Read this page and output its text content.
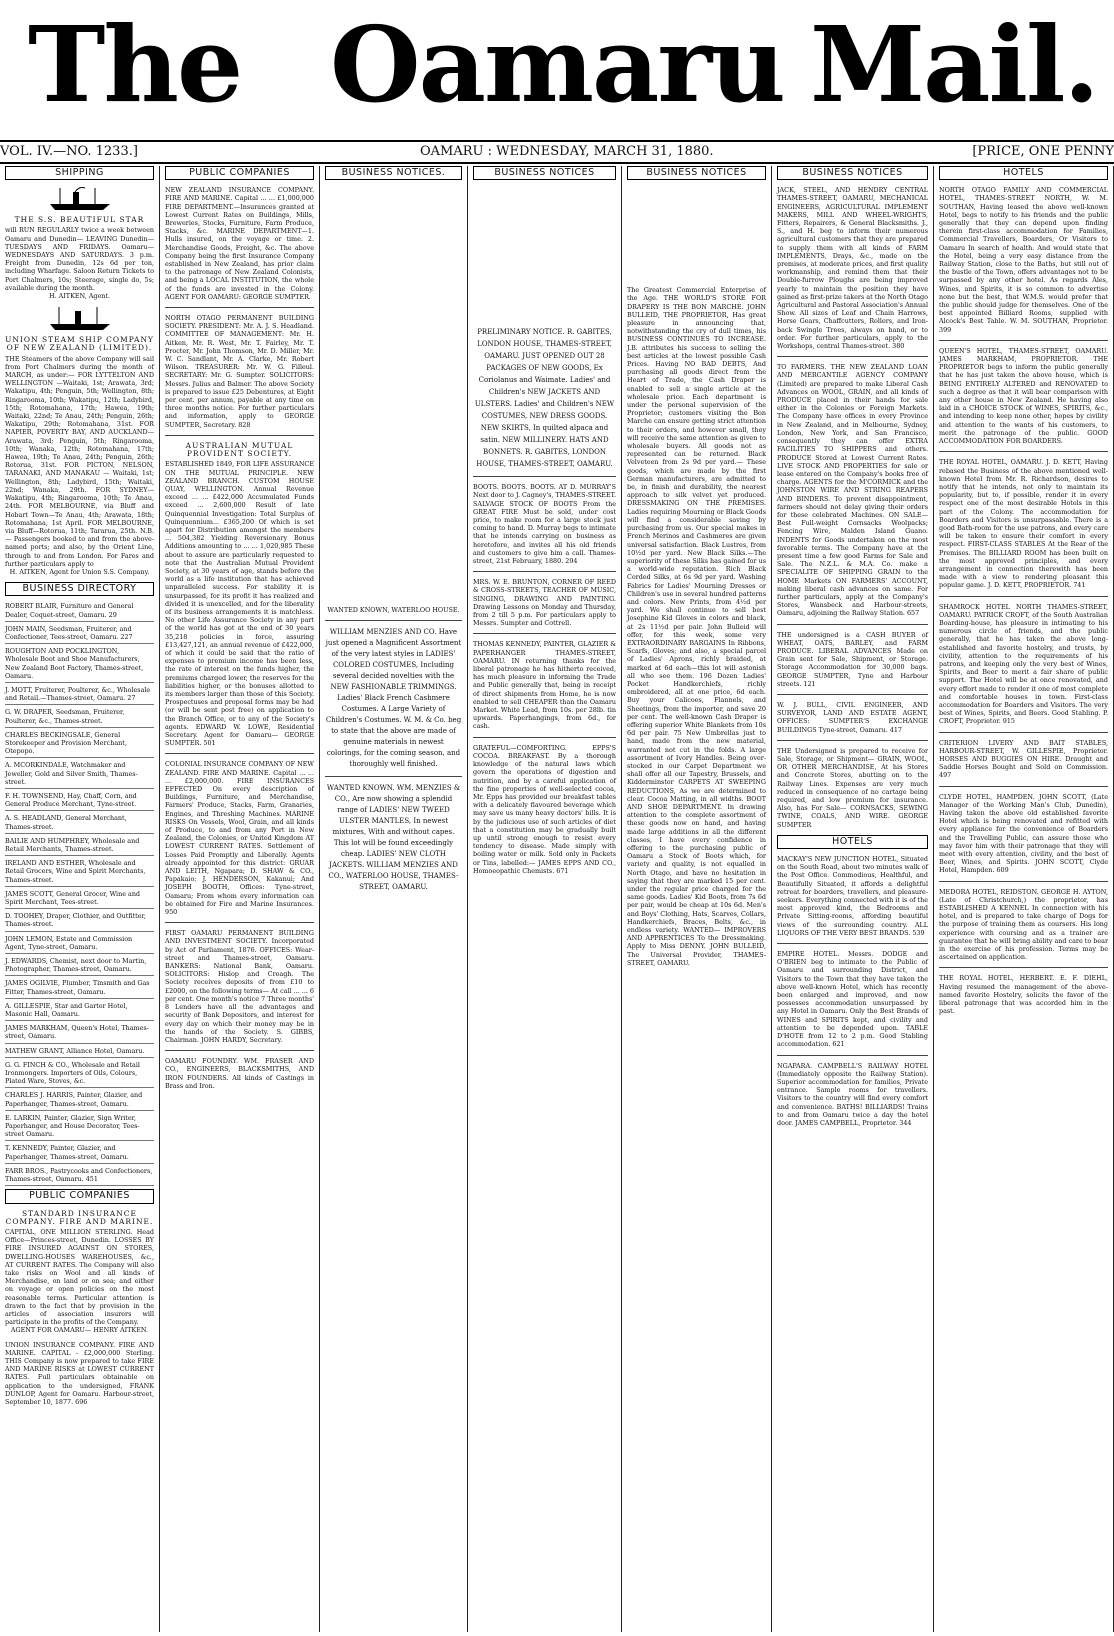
The Oamaru Mail.
VOL. IV.—NO. 1233.]	OAMARU : WEDNESDAY, MARCH 31, 1880.	[PRICE, ONE PENNY
SHIPPING
THE S.S. BEAUTIFUL STAR
will RUN REGULARLY twice a week between Oamaru and Dunedin— LEAVING Dunedin— TUESDAYS AND FRIDAYS. Oamaru— WEDNESDAYS AND SATURDAYS. 3 p.m. Freight from Dunedin, 12s 6d per ton, including Wharfage. Saloon Return Tickets to Port Chalmers, 10s; Steerage, single do, 5s; available during the month.
H. AITKEN, Agent.
UNION STEAM SHIP COMPANY OF NEW ZEALAND (LIMITED).
THE Steamers of the above Company will sail from Port Chalmers during the month of MARCH, as under:— FOR LYTTELTON AND WELLINGTON —Waitaki, 1st; Arawata, 3rd; Wakatipu, 4th; Penguin, 5th; Wellington, 8th; Ringarooma, 10th; Wakatipu, 12th; Ladybird, 15th; Rotomahana, 17th; Hawea, 19th; Waitaki, 22nd; Te Anau, 24th; Penguin, 26th; Wakatipu, 29th; Rotomahana, 31st. FOR NAPIER, POVERTY BAY, AND AUCKLAND—Arawata, 3rd; Penguin, 5th; Ringarooma, 10th; Wanaka, 12th; Rotomahana, 17th; Hawea, 19th; Te Anau, 24th; Penguin, 26th; Rotorua, 31st. FOR PICTON, NELSON, TARANAKI, AND MANAKAU — Waitaki, 1st; Wellington, 8th; Ladybird, 15th; Waitaki, 22nd; Wanaka, 29th. FOR SYDNEY—Wakatipu, 4th; Ringarooma, 10th; Te Anau, 24th. FOR MELBOURNE, via Bluff and Hobart Town—Te Anau, 4th; Arawata, 18th; Rotomahana, 1st April. FOR MELBOURNE, via Bluff—Rotorua, 11th; Tararua, 25th. N.B.— Passengers booked to and from the above-named ports; and also, by the Orient Line, through to and from London. For Fares and further particulars apply to
H. AITKEN, Agent for Union S.S. Company.
BUSINESS DIRECTORY
ROBERT BLAIR, Furniture and General Dealer, Coquet-street, Oamaru. 29
JOHN MAIN, Seedsman, Fruiterer, and Confectioner, Tees-street, Oamaru. 227
ROUGHTON AND POCKLINGTON, Wholesale Boot and Shoe Manufacturers, New Zealand Boot Factory, Thames-street, Oamaru.
J. MOTT, Fruiterer, Poulterer, &c., Wholesale and Retail.—Thames-street, Oamaru. 27
G. W. DRAPER, Seedsman, Fruiterer, Poulterer, &c., Thames-street.
CHARLES BECKINGSALE, General Storekeeper and Provision Merchant, Otepopo.
A. MCORKINDALE, Watchmaker and Jeweller, Gold and Silver Smith, Thames-street.
F. H. TOWNSEND, Hay, Chaff, Corn, and General Produce Merchant, Tyne-street.
A. S. HEADLAND, General Merchant, Thames-street.
BAILIE AND HUMPHREY, Wholesale and Retail Merchants, Thames-street.
IRELAND AND ESTHER, Wholesale and Retail Grocers, Wine and Spirit Merchants, Thames-street.
JAMES SCOTT, General Grocer, Wine and Spirit Merchant, Tees-street.
D. TOOHEY, Draper, Clothier, and Outfitter, Thames-street.
JOHN LEMON, Estate and Commission Agent, Tyne-street, Oamaru.
J. EDWARDS, Chemist, next door to Martin, Photographer, Thames-street, Oamaru.
JAMES OGILVIE, Plumber, Tinsmith and Gas Fitter, Thames-street, Oamaru.
A. GILLESPIE, Star and Garter Hotel, Masonic Hall, Oamaru.
JAMES MARKHAM, Queen's Hotel, Thames-street, Oamaru.
MATHEW GRANT, Alliance Hotel, Oamaru.
G. G. FINCH & CO., Wholesale and Retail Ironmongers. Importers of Oils, Colours, Plated Ware, Stoves, &c.
CHARLES J. HARRIS, Painter, Glazier, and Paperhanger, Thames-street, Oamaru.
E. LARKIN, Painter, Glazier, Sign Writer, Paperhanger, and House Decorator, Tees-street Oamaru.
T. KENNEDY, Painter, Glazier, and Paperhanger, Thames-street, Oamaru.
FARR BROS., Pastrycooks and Confectioners, Thames-street, Oamaru. 451
PUBLIC COMPANIES
STANDARD INSURANCE COMPANY. FIRE AND MARINE.
CAPITAL, ONE MILLION STERLING. Head Office—Princes-street, Dunedin. LOSSES BY FIRE INSURED AGAINST ON STORES, DWELLING-HOUSES WAREHOUSES, &c., AT CURRENT RATES. The Company will also take risks on Wool and all kinds of Merchandise, on land or on sea; and either on voyage or open policies on the most reasonable terms. Particular attention is drawn to the fact that by provision in the articles of association insurers will participate in the profits of the Company.
AGENT FOR OAMARU— HENRY AITKEN.
UNION INSURANCE COMPANY. FIRE AND MARINE. CAPITAL - £2,000,000 Sterling. THIS Company is now prepared to take FIRE AND MARINE RISKS at LOWEST CURRENT RATES. Full particulars obtainable on application to the undersigned, FRANK DUNLOP, Agent for Oamaru. Harbour-street, September 10, 1877. 696
PUBLIC COMPANIES
NEW ZEALAND INSURANCE COMPANY. FIRE AND MARINE. Capital ... ... £1,000,000 FIRE DEPARTMENT.—Insurances granted at Lowest Current Rates on Buildings, Mills, Breweries, Stocks, Furniture, Farm Produce, Stacks, &c. MARINE DEPARTMENT—1. Hulls insured, on the voyage or time. 2. Merchandise Goods, Freight, &c. The above Company being the first Insurance Company established in New Zealand, has prior claim to the patronage of New Zealand Colonists, and being a LOCAL INSTITUTION, the whole of the funds are invested in the Colony. AGENT FOR OAMARU: GEORGE SUMPTER.
NORTH OTAGO PERMANENT BUILDING SOCIETY. PRESIDENT: Mr. A. J. S. Headland. COMMITTEE OF MANAGEMENT: Mr. H. Aitken, Mr. R. West, Mr. T. Fairley, Mr. T. Procter, Mr. John Thomson, Mr. D. Miller, Mr. W. C. Sandlant, Mr. A. Clarke, Mr. Robert Wilson. TREASURER: Mr. W. G. Filleul. SECRETARY: Mr. G. Sumpter. SOLICITORS: Messrs. Julius and Balmer. The above Society is prepared to issue £25 Debentures, at Eight per cent. per annum, payable at any time on three months notice. For further particulars and information, apply to GEORGE SUMPTER, Secretary. 828
AUSTRALIAN MUTUAL PROVIDENT SOCIETY.
ESTABLISHED 1849, FOR LIFE ASSURANCE ON THE MUTUAL PRINCIPLE. NEW ZEALAND BRANCH. CUSTOM HOUSE QUAY, WELLINGTON. Annual Revenue exceed ... ... £422,000 Accumulated Funds exceed ... 2,600,000 Result of late Quinquennial Investigation: Total Surplus of Quinquennium... £365,200 Of which is set apart for Distribution amongst the members ... 504,382 Yielding Reversionary Bonus Additions amounting to ... ... 1,020,985 These about to assure are particularly requested to note that the Australian Mutual Provident Society, at 30 years of age, stands before the world as a life institution that has achieved unparalleled success. For stability it is unsurpassed, for its profit it has realized and divided it is unexcelled, and for the liberality of its business arrangements it is matchless. No other Life Assurance Society in any part of the world has got at the end of 30 years 35,218 policies in force, assuring £13,427,121, an annual revenue of £422,000, of which it could be said that the ratio of expenses to premium income has been less, the rate of interest on the funds higher, the premiums charged lower, the reserves for the liabilities higher, or the bonuses allotted to its members larger than those of this Society. Prospectuses and proposal forms may be had (or will be sent post free) on application to the Branch Office, or to any of the Society's agents. EDWARD W. LOWE, Residential Secretary. Agent for Oamaru— GEORGE SUMPTER. 501
COLONIAL INSURANCE COMPANY OF NEW ZEALAND. FIRE AND MARINE. Capital ... ... ... £2,000,000. FIRE INSURANCES EFFECTED On every description of Buildings, Furniture, and Merchandise, Farmers' Produce, Stacks, Farm, Granaries, Engines, and Threshing Machines. MARINE RISKS On Vessels, Wool, Grain, and all kinds of Produce, to and from any Port in New Zealand, the Colonies, or United Kingdom AT LOWEST CURRENT RATES. Settlement of Losses Paid Promptly and Liberally. Agents already appointed for this district: GRUAR AND LEITH, Ngapara; D. SHAW & CO., Papakaio; J. HENDERSON, Kakanui; And JOSEPH BOOTH, Offices: Tyne-street, Oamaru; From whom every information can be obtained for Fire and Marine Insurances. 950
FIRST OAMARU PERMANENT BUILDING AND INVESTMENT SOCIETY. Incorporated by Act of Parliament, 1876. OFFICES: Wear-street and Thames-street, Oamaru. BANKERS: National Bank, Oamaru. SOLICITORS: Hislop and Creagh. The Society receives deposits of from £10 to £2000, on the following terms— At call ... ... 6 per cent. One month's notice 7 Three months' 8 Lenders have all the advantages and security of Bank Depositors, and interest for every day on which their money may be in the hands of the Society. S. GIBBS, Chairman. JOHN HARDY, Secretary.
OAMARU FOUNDRY. WM. FRASER AND CO., ENGINEERS, BLACKSMITHS, AND IRON FOUNDERS. All kinds of Castings in Brass and Iron.
BUSINESS NOTICES.
WANTED KNOWN, WATERLOO HOUSE.
WILLIAM MENZIES AND CO. Have just opened a Magnificent Assortment of the very latest styles in LADIES' COLORED COSTUMES, Including several decided novelties with the NEW FASHIONABLE TRIMMINGS. Ladies' Black French Cashmere Costumes. A Large Variety of Children's Costumes. W. M. & Co. beg to state that the above are made of genuine materials in newest colorings, for the coming season, and thoroughly well finished.
WANTED KNOWN. WM. MENZIES & CO., Are now showing a splendid range of LADIES' NEW TWEED ULSTER MANTLES, In newest mixtures, With and without capes. This lot will be found exceedingly cheap. LADIES' NEW CLOTH JACKETS. WILLIAM MENZIES AND CO., WATERLOO HOUSE, THAMES-STREET, OAMARU.
BUSINESS NOTICES
PRELIMINARY NOTICE. R. GABITES, LONDON HOUSE, THAMES-STREET, OAMARU. JUST OPENED OUT 28 PACKAGES OF NEW GOODS, Ex Coriolanus and Waimate. Ladies' and Children's NEW JACKETS AND ULSTERS. Ladies' and Children's NEW COSTUMES, NEW DRESS GOODS. NEW SKIRTS, In quilted alpaca and satin. NEW MILLINERY. HATS AND BONNETS. R. GABITES, LONDON HOUSE, THAMES-STREET, OAMARU.
BOOTS. BOOTS. BOOTS. AT D. MURRAY'S Next door to J. Cagney's, THAMES-STREET. SALVAGE STOCK OF BOOTS From the GREAT FIRE Must be sold, under cost price, to make room for a large stock just coming to hand. D. Murray begs to intimate that he intends carrying on business as heretofore, and invites all his old friends and customers to give him a call. Thames-street, 21st February, 1880. 294
MRS. W. E. BRUNTON, CORNER OF REED & CROSS-STREETS, TEACHER OF MUSIC, SINGING, DRAWING AND PAINTING. Drawing Lessons on Monday and Thursday, from 2 till 5 p.m. For particulars apply to Messrs. Sumpter and Cottrell.
THOMAS KENNEDY, PAINTER, GLAZIER & PAPERHANGER THAMES-STREET, OAMARU. IN returning thanks for the liberal patronage he has hitherto received, has much pleasure in informing the Trade and Public generally that, being in receipt of direct shipments from Home, he is now enabled to sell CHEAPER than the Oamaru Market. White Lead, from 10s. per 28lb. tin upwards. Paperhangings, from 6d., for cash.
GRATEFUL—COMFORTING. EPPS'S COCOA. BREAKFAST. By a thorough knowledge of the natural laws which govern the operations of digestion and nutrition, and by a careful application of the fine properties of well-selected cocoa, Mr. Epps has provided our breakfast tables with a delicately flavoured beverage which may save us many heavy doctors' bills. It is by the judicious use of such articles of diet that a constitution may be gradually built up until strong enough to resist every tendency to disease. Made simply with boiling water or milk. Sold only in Packets or Tins, labelled:— JAMES EPPS AND CO., Homoeopathic Chemists. 671
BUSINESS NOTICES
The Greatest Commercial Enterprise of the Age. THE WORLD'S STORE FOR DRAPERY IS THE BON MARCHE. JOHN BULLEID, THE PROPRIETOR, Has great pleasure in announcing that, notwithstanding the cry of dull times, his BUSINESS CONTINUES TO INCREASE. J.B. attributes his success to selling the best articles at the lowest possible Cash Prices. Having NO BAD DEBTS, And purchasing all goods direct from the Heart of Trade, the Cash Draper is enabled to sell a single article at the wholesale price. Each department is under the personal supervision of the Proprietor; customers visiting the Bon Marche can ensure getting strict attention to their orders, and however small, they will receive the same attention as given to wholesale buyers. All goods not as represented can be returned. Black Velveteen from 2s 9d per yard.— These goods, which are made by the first German manufacturers, are admitted to be, in finish and durability, the nearest approach to silk velvet yet produced. DRESSMAKING ON THE PREMISES. Ladies requiring Mourning or Black Goods will find a considerable saving by purchasing from us. Our special makes in French Merinos and Cashmeres are given universal satisfaction. Black Lustres, from 10½d per yard. New Black Silks.—The superiority of these Silks has gained for us a world-wide reputation. Rich Black Corded Silks, at 6s 9d per yard. Washing Fabrics for Ladies' Mourning Dresses or Children's use in several hundred patterns and colors. New Prints, from 4½d per yard. We shall continue to sell best Josephine Kid Gloves in colors and black, at 2s 11½d per pair. John Bulleid will offer, for this week, some very EXTRAORDINARY BARGAINS In Ribbons, Scarfs, Gloves; and also, a special parcel of Ladies' Aprons, richly braided, at marked at 6d each—this lot will astonish all who see them. 196 Dozen Ladies' Pocket Handkerchiefs, richly embroidered, all at one price, 6d each. Buy your Calicoes, Flannels, and Sheetings, from the importer, and save 20 per cent. The well-known Cash Draper is offering superior White Blankets from 10s 6d per pair. 75 New Umbrellas just to hand, made from the new material, warranted not cut in the folds. A large assortment of Ivory Handles. Being over-stocked in our Carpet Department we shall offer all our Tapestry, Brussels, and Kidderminster CARPETS AT SWEEPING REDUCTIONS, As we are determined to clear. Cocoa Matting, in all widths. BOOT AND SHOE DEPARTMENT. In drawing attention to the complete assortment of these goods now on hand, and having made large additions in all the different classes, I have every confidence in offering to the purchasing public of Oamaru a Stock of Boots which, for variety and quality, is not equalled in North Otago, and have no hesitation in saying that they are marked 15 per cent. under the regular price charged for the same goods. Ladies' Kid Boots, from 7s 6d per pair, would be cheap at 10s 6d. Men's and Boys' Clothing, Hats, Scarves, Collars, Handkerchiefs, Braces, Belts, &c., in endless variety. WANTED— IMPROVERS AND APPRENTICES To the Dressmaking. Apply to Miss DENNY. JOHN BULLEID, The Universal Provider, THAMES-STREET, OAMARU.
BUSINESS NOTICES
JACK, STEEL, AND HENDRY CENTRAL THAMES-STREET, OAMARU, MECHANICAL ENGINEERS, AGRICULTURAL IMPLEMENT MAKERS, MILL AND WHEEL-WRIGHTS, Fitters, Repairers, & General Blacksmiths. J., S., and H. beg to inform their numerous agricultural customers that they are prepared to supply them with all kinds of FARM IMPLEMENTS, Drays, &c., made on the premises, at moderate prices, and first quality workmanship, and remind them that their Double-furrow Ploughs are being improved yearly to maintain the position they have gained as first-prize takers at the North Otago Agricultural and Pastoral Association's Annual Show. All sizes of Leaf and Chain Harrows, Horse Gears, Chaffcutters, Rollers, and Iron-back Swingle Trees, always on hand, or to order. For further particulars, apply to the Workshops, central Thames-street. 380
TO FARMERS. THE NEW ZEALAND LOAN AND MERCANTILE AGENCY COMPANY (Limited) are prepared to make Liberal Cash Advances on WOOL, GRAIN, and all kinds of PRODUCE placed in their hands for sale either in the Colonies or Foreign Markets. The Company have offices in every Province in New Zealand, and in Melbourne, Sydney, London, New York, and San Francisco, consequently they can offer EXTRA FACILITIES TO SHIPPERS and others. PRODUCE Stored at Lowest Current Rates. LIVE STOCK AND PROPERTIES for sale or lease entered on the Company's books free of charge. AGENTS for the M'CORMICK and the JOHNSTON WIRE AND STRING REAPERS AND BINDERS. To prevent disappointment, farmers should not delay giving their orders for these celebrated Machines. ON SALE—Best Full-weight Cornsacks Woolpacks; Fencing Wire, Malden Island Guano. INDENTS for Goods undertaken on the most favorable terms. The Company have at the present time a few good Farms for Sale and Sale. The N.Z.L. & M.A. Co. make a SPECIALITE OF SHIPPING GRAIN to the HOME Markets ON FARMERS' ACCOUNT, making liberal cash advances on same. For further particulars, apply at the Company's Stores, Wansbeck and Harbour-streets, Oamaru, adjoining the Railway Station. 657
THE undersigned is a CASH BUYER of WHEAT, OATS, BARLEY, and FARM PRODUCE. LIBERAL ADVANCES Made on Grain sent for Sale, Shipment, or Storage. Storage Accommodation for 30,000 bags. GEORGE SUMPTER, Tyne and Harbour streets. 121
W. J. BULL, CIVIL ENGINEER, AND SURVEYOR, LAND AND ESTATE AGENT, OFFICES: SUMPTER'S EXCHANGE BUILDINGS Tyne-street, Oamaru. 417
THE Undersigned is prepared to receive for Sale, Storage, or Shipment— GRAIN, WOOL, OR OTHER MERCHANDISE, At his Stores and Concrete Stores, abutting on to the Railway Lines. Expenses are very much reduced in consequence of no cartage being required, and low premium for insurance. Also, has For Sale— CORNSACKS, SEWING TWINE, COALS, AND WIRE. GEORGE SUMPTER
HOTELS
MACKAY'S NEW JUNCTION HOTEL, Situated on the South Road, about two minutes walk of the Post Office. Commodious, Healthful, and Beautifully Situated, it affords a delightful retreat for boarders, travellers, and pleasure-seekers. Everything connected with it is of the most approved kind, the Bedrooms and Private Sitting-rooms, affording beautiful views of the surrounding country. ALL LIQUORS OF THE VERY BEST BRANDS. 539
EMPIRE HOTEL. Messrs. DODGE and O'BRIEN beg to intimate to the Public of Oamaru and surrounding District, and Visitors to the Town that they have taken the above well-known Hotel, which has recently been enlarged and improved, and now possesses accommodation unsurpassed by any Hotel in Oamaru. Only the Best Brands of WINES and SPIRITS kept, and civility and attention to be depended upon. TABLE D'HOTE from 12 to 2 p.m. Good Stabling accommodation. 621
NGAPARA. CAMPBELL'S RAILWAY HOTEL (Immediately opposite the Railway Station). Superior accommodation for families, Private entrance. Sample rooms for travellers. Visitors to the country will find every comfort and convenience. BATHS! BILLIARDS! Trains to and from Oamaru twice a day the hotel door. JAMES CAMPBELL, Proprietor. 344
HOTELS
NORTH OTAGO FAMILY AND COMMERCIAL HOTEL, THAMES-STREET NORTH, W. M. SOUTHAN, Having leased the above well-known Hotel, begs to notify to his friends and the public generally that they can depend upon finding therein first-class accommodation for Families, Commercial Travellers, Boarders, Or Visitors to Oamaru In search of health. And would state that the Hotel, being a very easy distance from the Railway Station, close to the Baths, but still out of the bustle of the Town, offers advantages not to be surpassed by any other hotel. As regards Ales, Wines, and Spirits, it is so common to advertise none but the best, that W.M.S. would prefer that the public should judge for themselves. One of the best appointed Billiard Rooms, supplied with Alcock's Best Table. W. M. SOUTHAN, Proprietor. 399
QUEEN'S HOTEL, THAMES-STREET, OAMARU. JAMES MARKHAM, PROPRIETOR. THE PROPRIETOR begs to inform the public generally that he has just taken the above house, which is BEING ENTIRELY ALTERED and RENOVATED to such a degree as that it will bear comparison with any other house in New Zealand. He having also laid in a CHOICE STOCK of WINES, SPIRITS, &c., and intending to keep none other, hopes by civility and attention to the wants of his customers, to merit the patronage of the public. GOOD ACCOMMODATION FOR BOARDERS.
THE ROYAL HOTEL, OAMARU. J. D. KETT, Having rebased the Business of the above mentioned well-known Hotel from Mr. R. Richardson, desires to notify that he intends, not only to maintain its popularity, but to, if possible, render it in every respect one of the most desirable Hotels in this part of the Colony. The accommodation for Boarders and Visitors is unsurpassable. There is a good Bath-room for the use patrons, and every care will be taken to ensure their comfort in every respect. FIRST-CLASS STABLES At the Rear of the Premises. The BILLIARD ROOM has been built on the most approved principles, and every arrangement in connection therewith has been made with a view to rendering pleasant this popular game. J. D. KETT, PROPRIETOR. 741
SHAMROCK HOTEL NORTH THAMES-STREET, OAMARU. PATRICK CROFT, of the South Australian Boarding-house, has pleasure in intimating to his numerous circle of friends, and the public generally, that he has taken the above long-established and favorite hostelry, and trusts, by civility, attention to the requirements of his patrons, and keeping only the very best of Wines, Spirits, and Beer to merit a fair share of public support. The Hotel will be at once renovated, and every effort made to render it one of most complete and comfortable houses in town. First-class accommodation for Boarders and Visitors. The very best of Wines, Spirits, and Beers. Good Stabling. P. CROFT, Proprietor. 915
CRITERION LIVERY AND BAIT STABLES, HARBOUR-STREET, W. GILLESPIE, Proprietor. HORSES AND BUGGIES ON HIRE. Draught and Saddle Horses Bought and Sold on Commission. 497
CLYDE HOTEL, HAMPDEN. JOHN SCOTT, (Late Manager of the Working Man's Club, Dunedin), Having taken the above old established favorite Hotel which is being renovated and refitted with every appliance for the convenience of Boarders and the Travelling Public, can assure those who may favor him with their patronage that they will meet with every attention, civility, and the best of Beer, Wines, and Spirits. JOHN SCOTT, Clyde Hotel, Hampden. 609
MEDORA HOTEL, REIDSTON. GEORGE H. AYTON, (Late of Christchurch,) the proprietor, has ESTABLISHED A KENNEL In connection with his hotel, and is prepared to take charge of Dogs for the purpose of training them as coursers. His long experience with coursing and as a trainer are guarantee that he will bring ability and care to bear in the exercise of his profession. Terms may be ascertained on application.
THE ROYAL HOTEL, HERBERT. E. F. DIEHL, Having resumed the management of the above-named favorite Hostelry, solicits the favor of the liberal patronage that was accorded him in the past.
